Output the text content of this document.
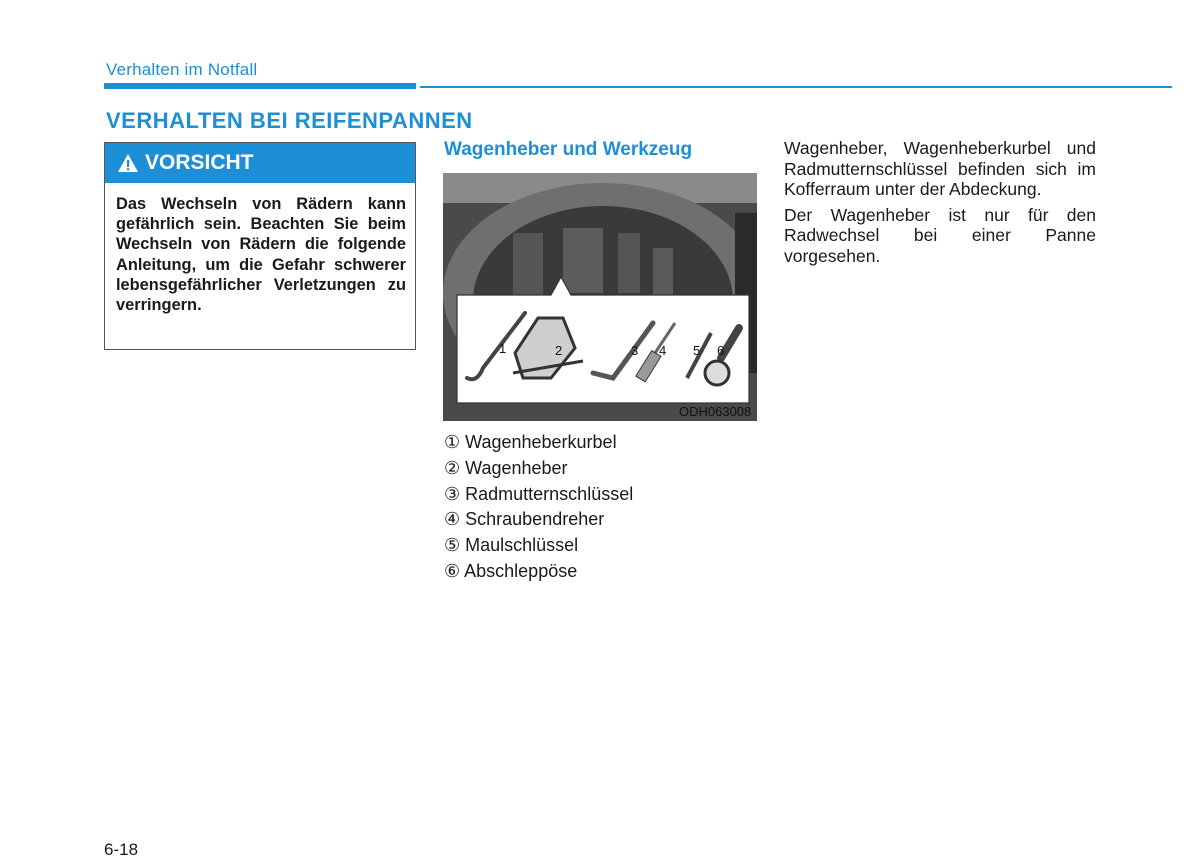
Verhalten im Notfall
VERHALTEN BEI REIFENPANNEN
VORSICHT
Das Wechseln von Rädern kann gefährlich sein. Beachten Sie beim Wechseln von Rädern die folgende Anleitung, um die Gefahr schwerer lebensgefährlicher Verletzungen zu verringern.
Wagenheber und Werkzeug
1	2	3 4 5 6
ODH063008
① Wagenheberkurbel
② Wagenheber
③ Radmutternschlüssel
④ Schraubendreher
⑤ Maulschlüssel
⑥ Abschleppöse

Wagenheber, Wagenheberkurbel und Radmutternschlüssel befinden sich im Kofferraum unter der Abdeckung.

Der Wagenheber ist nur für den Radwechsel bei einer Panne vorgesehen.

6-18
